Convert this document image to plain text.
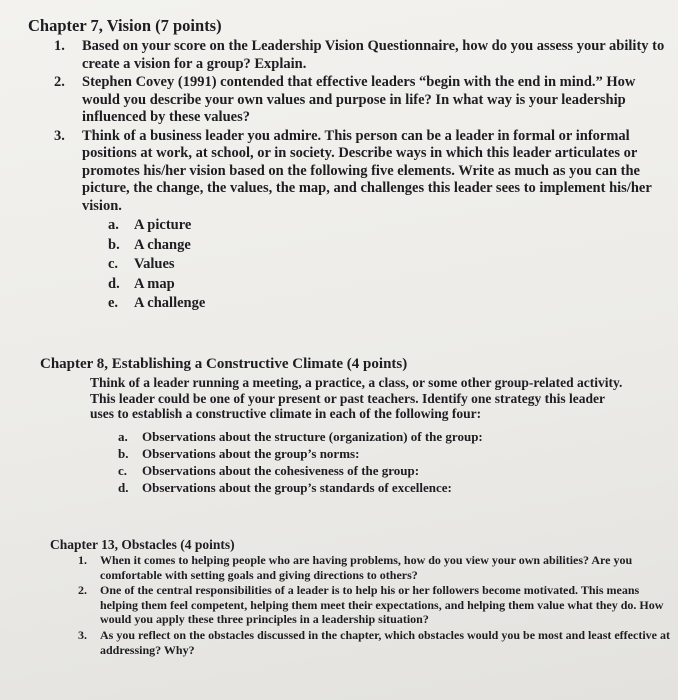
Chapter 7, Vision (7 points)
1. Based on your score on the Leadership Vision Questionnaire, how do you assess your ability to create a vision for a group? Explain.
2. Stephen Covey (1991) contended that effective leaders “begin with the end in mind.” How would you describe your own values and purpose in life? In what way is your leadership influenced by these values?
3. Think of a business leader you admire. This person can be a leader in formal or informal positions at work, at school, or in society. Describe ways in which this leader articulates or promotes his/her vision based on the following five elements. Write as much as you can the picture, the change, the values, the map, and challenges this leader sees to implement his/her vision.
a. A picture
b. A change
c. Values
d. A map
e. A challenge
Chapter 8, Establishing a Constructive Climate (4 points)

Think of a leader running a meeting, a practice, a class, or some other group-related activity. This leader could be one of your present or past teachers. Identify one strategy this leader uses to establish a constructive climate in each of the following four:

a. Observations about the structure (organization) of the group:
b. Observations about the group’s norms:
c. Observations about the cohesiveness of the group:
d. Observations about the group’s standards of excellence:
Chapter 13, Obstacles (4 points)
1. When it comes to helping people who are having problems, how do you view your own abilities? Are you comfortable with setting goals and giving directions to others?
2. One of the central responsibilities of a leader is to help his or her followers become motivated. This means helping them feel competent, helping them meet their expectations, and helping them value what they do. How would you apply these three principles in a leadership situation?
3. As you reflect on the obstacles discussed in the chapter, which obstacles would you be most and least effective at addressing? Why?
